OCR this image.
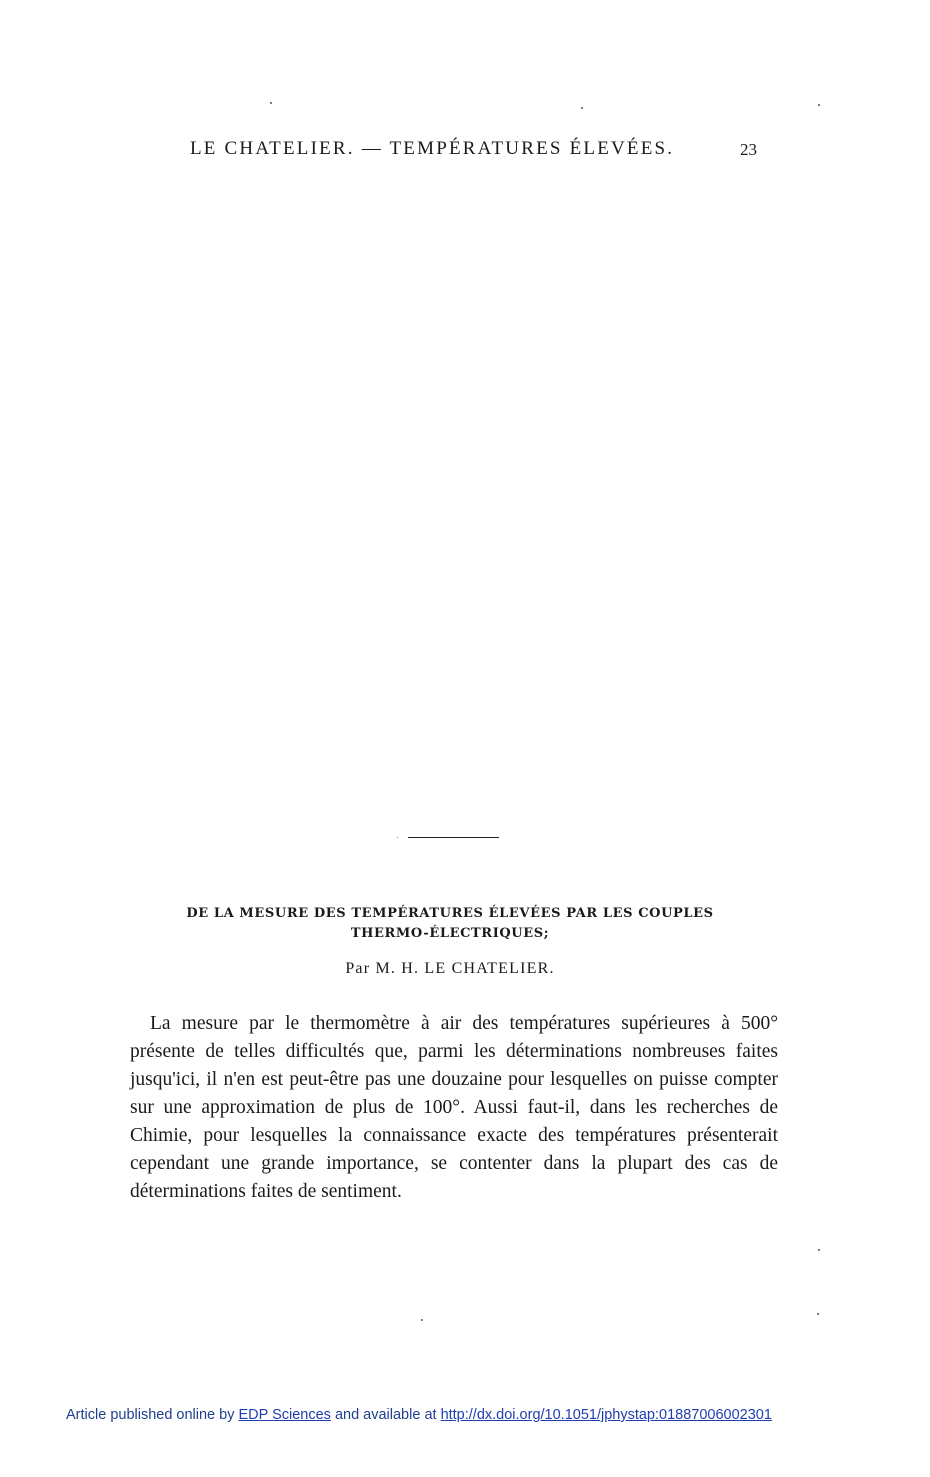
LE CHATELIER. — TEMPÉRATURES ÉLEVÉES.	23
DE LA MESURE DES TEMPÉRATURES ÉLEVÉES PAR LES COUPLES
THERMO-ÉLECTRIQUES;
Par M. H. LE CHATELIER.

La mesure par le thermomètre à air des températures supérieures à 500° présente de telles difficultés que, parmi les déterminations nombreuses faites jusqu'ici, il n'en est peut-être pas une douzaine pour lesquelles on puisse compter sur une approximation de plus de 100°. Aussi faut-il, dans les recherches de Chimie, pour lesquelles la connaissance exacte des températures présenterait cependant une grande importance, se contenter dans la plupart des cas de déterminations faites de sentiment.

Article published online by EDP Sciences and available at http://dx.doi.org/10.1051/jphystap:01887006002301
